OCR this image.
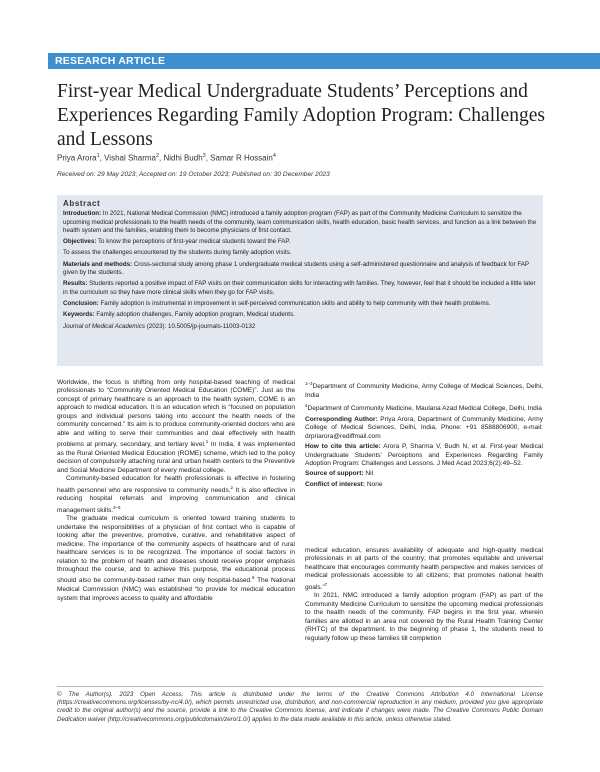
RESEARCH ARTICLE
First-year Medical Undergraduate Students’ Perceptions and Experiences Regarding Family Adoption Program: Challenges and Lessons
Priya Arora$^1$, Vishal Sharma$^2$, Nidhi Budh$^3$, Samar R Hossain$^4$
Received on: 29 May 2023; Accepted on: 19 October 2023; Published on: 30 December 2023
Abstract

Introduction: In 2021, National Medical Commission (NMC) introduced a family adoption program (FAP) as part of the Community Medicine Curriculum to sensitize the upcoming medical professionals to the health needs of the community, learn communication skills, health education, basic health services, and function as a link between the health system and the families, enabling them to become physicians of first contact.

Objectives: To know the perceptions of first-year medical students toward the FAP.

To assess the challenges encountered by the students during family adoption visits.

Materials and methods: Cross-sectional study among phase 1 undergraduate medical students using a self-administered questionnaire and analysis of feedback for FAP given by the students.

Results: Students reported a positive impact of FAP visits on their communication skills for interacting with families. They, however, feel that it should be included a little later in the curriculum so they have more clinical skills when they go for FAP visits.

Conclusion: Family adoption is instrumental in improvement in self-perceived communication skills and ability to help community with their health problems.

Keywords: Family adoption challenges, Family adoption program, Medical students.

Journal of Medical Academics (2023): 10.5005/jp-journals-11003-0132

Worldwide, the focus is shifting from only hospital-based teaching of medical professionals to “Community Oriented Medical Education (COME)”. Just as the concept of primary healthcare is an approach to the health system, COME is an approach to medical education. It is an education which is “focused on population groups and individual persons taking into account the health needs of the community concerned.” Its aim is to produce community-oriented doctors who are able and willing to serve their communities and deal effectively with health problems at primary, secondary, and tertiary level.$^1$ In India, it was implemented as the Rural Oriented Medical Education (ROME) scheme, which led to the policy decision of compulsorily attaching rural and urban health centers to the Preventive and Social Medicine Department of every medical college.

Community-based education for health professionals is effective in fostering health personnel who are responsive to community needs.$^2$ It is also effective in reducing hospital referrals and improving communication and clinical management skills.$^{3-5}$

The graduate medical curriculum is oriented toward training students to undertake the responsibilities of a physician of first contact who is capable of looking after the preventive, promotive, curative, and rehabilitative aspect of medicine. The importance of the community aspects of healthcare and of rural healthcare services is to be recognized. The importance of social factors in relation to the problem of health and diseases should receive proper emphasis throughout the course, and to achieve this purpose, the educational process should also be community-based rather than only hospital-based.$^6$ The National Medical Commission (NMC) was established “to provide for medical education system that improves access to quality and affordable

$^{1-3}$Department of Community Medicine, Army College of Medical Sciences, Delhi, India

$^4$Department of Community Medicine, Maulana Azad Medical College, Delhi, India

Corresponding Author: Priya Arora, Department of Community Medicine, Army College of Medical Sciences, Delhi, India, Phone: +91 8588806900, e-mail: drpriarora@rediffmail.com

How to cite this article: Arora P, Sharma V, Budh N, et al. First-year Medical Undergraduate Students’ Perceptions and Experiences Regarding Family Adoption Program: Challenges and Lessons. J Med Acad 2023;6(2):49–52.

Source of support: Nil

Conflict of interest: None

medical education, ensures availability of adequate and high-quality medical professionals in all parts of the country; that promotes equitable and universal healthcare that encourages community health perspective and makes services of medical professionals accessible to all citizens; that promotes national health goals.”$^7$

In 2021, NMC introduced a family adoption program (FAP) as part of the Community Medicine Curriculum to sensitize the upcoming medical professionals to the health needs of the community. FAP begins in the first year, wherein families are allotted in an area not covered by the Rural Health Training Center (RHTC) of the department. In the beginning of phase 1, the students need to regularly follow up these families till completion

© The Author(s). 2023 Open Access. This article is distributed under the terms of the Creative Commons Attribution 4.0 International License (https://creativecommons.org/licenses/by-nc/4.0/), which permits unrestricted use, distribution, and non-commercial reproduction in any medium, provided you give appropriate credit to the original author(s) and the source, provide a link to the Creative Commons license, and indicate if changes were made. The Creative Commons Public Domain Dedication waiver (http://creativecommons.org/publicdomain/zero/1.0/) applies to the data made available in this article, unless otherwise stated.
